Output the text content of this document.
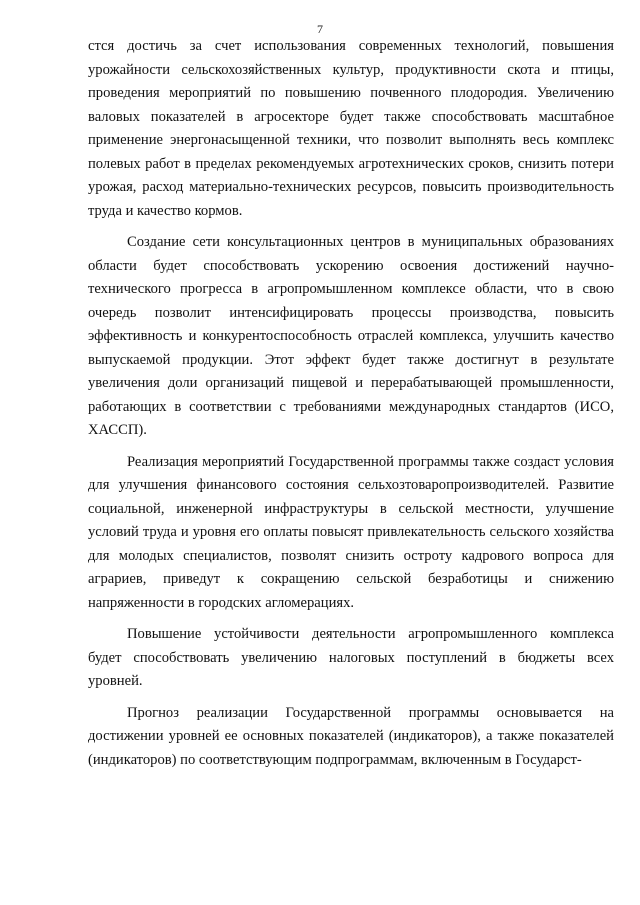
7

стся достичь за счет использования современных технологий, повышения урожайности сельскохозяйственных культур, продуктивности скота и птицы, проведения мероприятий по повышению почвенного плодородия. Увеличению валовых показателей в агросекторе будет также способствовать масштабное применение энергонасыщенной техники, что позволит выполнять весь комплекс полевых работ в пределах рекомендуемых агротехнических сроков, снизить потери урожая, расход материально-технических ресурсов, повысить производительность труда и качество кормов.

Создание сети консультационных центров в муниципальных образованиях области будет способствовать ускорению освоения достижений научно-технического прогресса в агропромышленном комплексе области, что в свою очередь позволит интенсифицировать процессы производства, повысить эффективность и конкурентоспособность отраслей комплекса, улучшить качество выпускаемой продукции. Этот эффект будет также достигнут в результате увеличения доли организаций пищевой и перерабатывающей промышленности, работающих в соответствии с требованиями международных стандартов (ИСО, ХАССП).

Реализация мероприятий Государственной программы также создаст условия для улучшения финансового состояния сельхозтоваропроизводителей. Развитие социальной, инженерной инфраструктуры в сельской местности, улучшение условий труда и уровня его оплаты повысят привлекательность сельского хозяйства для молодых специалистов, позволят снизить остроту кадрового вопроса для аграриев, приведут к сокращению сельской безработицы и снижению напряженности в городских агломерациях.

Повышение устойчивости деятельности агропромышленного комплекса будет способствовать увеличению налоговых поступлений в бюджеты всех уровней.

Прогноз реализации Государственной программы основывается на достижении уровней ее основных показателей (индикаторов), а также показателей (индикаторов) по соответствующим подпрограммам, включенным в Государст-
